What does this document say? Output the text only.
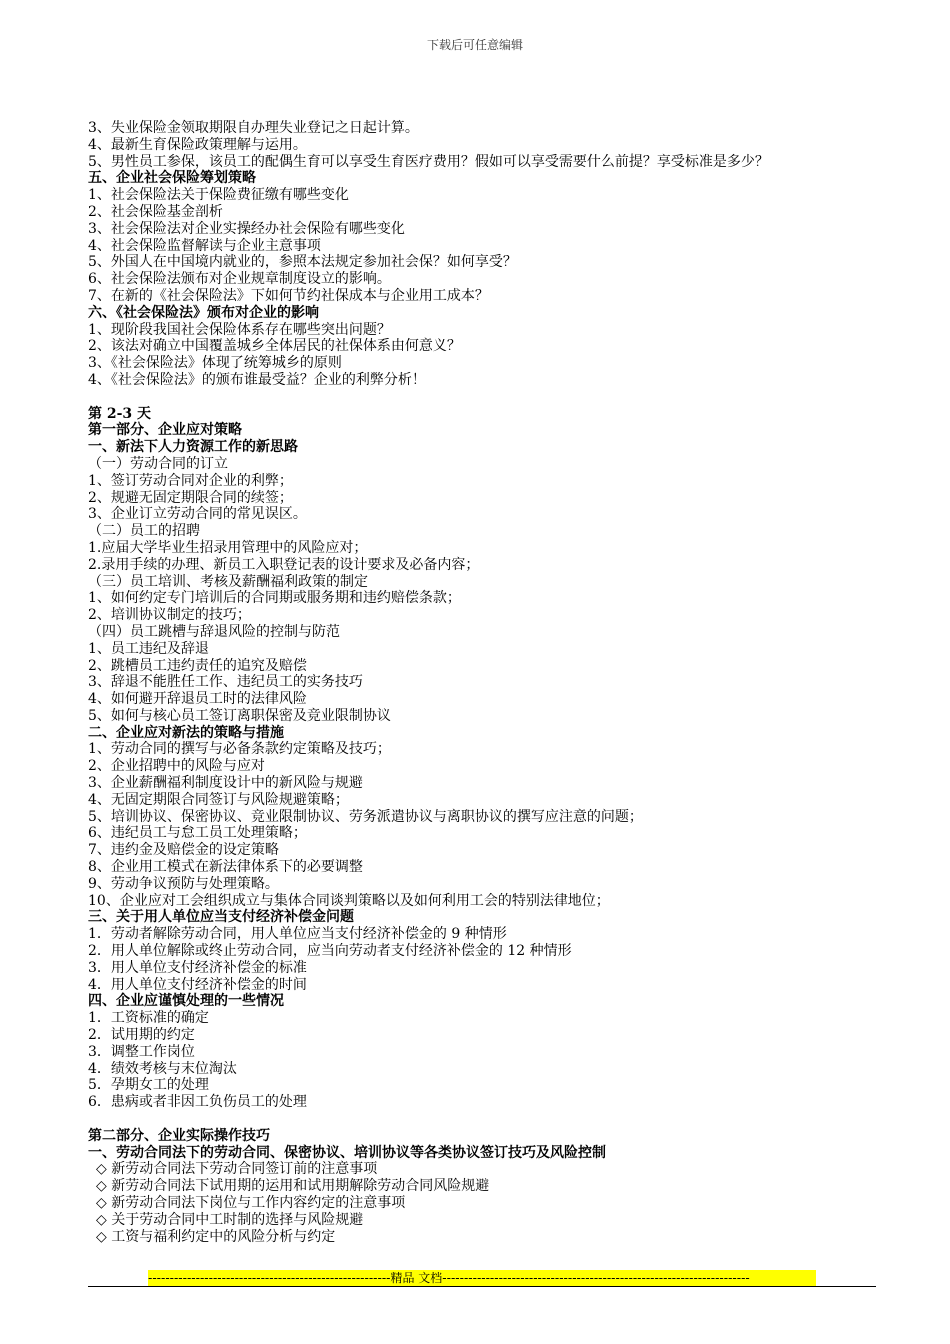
下载后可任意编辑
3、失业保险金领取期限自办理失业登记之日起计算。
4、最新生育保险政策理解与运用。
5、男性员工参保，该员工的配偶生育可以享受生育医疗费用？假如可以享受需要什么前提？享受标准是多少？
五、企业社会保险筹划策略
1、社会保险法关于保险费征缴有哪些变化
2、社会保险基金剖析
3、社会保险法对企业实操经办社会保险有哪些变化
4、社会保险监督解读与企业主意事项
5、外国人在中国境内就业的，参照本法规定参加社会保？如何享受？
6、社会保险法颁布对企业规章制度设立的影响。
7、在新的《社会保险法》下如何节约社保成本与企业用工成本？
六、《社会保险法》颁布对企业的影响
1、现阶段我国社会保险体系存在哪些突出问题？
2、该法对确立中国覆盖城乡全体居民的社保体系由何意义？
3、《社会保险法》体现了统筹城乡的原则
4、《社会保险法》的颁布谁最受益？企业的利弊分析！
第 2-3 天
第一部分、企业应对策略
一、新法下人力资源工作的新思路
（一）劳动合同的订立
1、签订劳动合同对企业的利弊；
2、规避无固定期限合同的续签；
3、企业订立劳动合同的常见误区。
（二）员工的招聘
1.应届大学毕业生招录用管理中的风险应对；
2.录用手续的办理、新员工入职登记表的设计要求及必备内容；
（三）员工培训、考核及薪酬福利政策的制定
1、如何约定专门培训后的合同期或服务期和违约赔偿条款；
2、培训协议制定的技巧；
（四）员工跳槽与辞退风险的控制与防范
1、员工违纪及辞退
2、跳槽员工违约责任的追究及赔偿
3、辞退不能胜任工作、违纪员工的实务技巧
4、如何避开辞退员工时的法律风险
5、如何与核心员工签订离职保密及竞业限制协议
二、企业应对新法的策略与措施
1、劳动合同的撰写与必备条款约定策略及技巧；
2、企业招聘中的风险与应对
3、企业薪酬福利制度设计中的新风险与规避
4、无固定期限合同签订与风险规避策略；
5、培训协议、保密协议、竞业限制协议、劳务派遣协议与离职协议的撰写应注意的问题；
6、违纪员工与怠工员工处理策略；
7、违约金及赔偿金的设定策略
8、企业用工模式在新法律体系下的必要调整
9、劳动争议预防与处理策略。
10、企业应对工会组织成立与集体合同谈判策略以及如何利用工会的特别法律地位；
三、关于用人单位应当支付经济补偿金问题
1．劳动者解除劳动合同，用人单位应当支付经济补偿金的 9 种情形
2．用人单位解除或终止劳动合同，应当向劳动者支付经济补偿金的 12 种情形
3．用人单位支付经济补偿金的标准
4．用人单位支付经济补偿金的时间
四、企业应谨慎处理的一些情况
1．工资标准的确定
2．试用期的约定
3．调整工作岗位
4．绩效考核与末位淘汰
5．孕期女工的处理
6．患病或者非因工负伤员工的处理
第二部分、企业实际操作技巧
一、劳动合同法下的劳动合同、保密协议、培训协议等各类协议签订技巧及风险控制
◇ 新劳动合同法下劳动合同签订前的注意事项
◇ 新劳动合同法下试用期的运用和试用期解除劳动合同风险规避
◇ 新劳动合同法下岗位与工作内容约定的注意事项
◇ 关于劳动合同中工时制的选择与风险规避
◇ 工资与福利约定中的风险分析与约定
--------------------------------------------------------精品 文档-----------------------------------------------------------------------
